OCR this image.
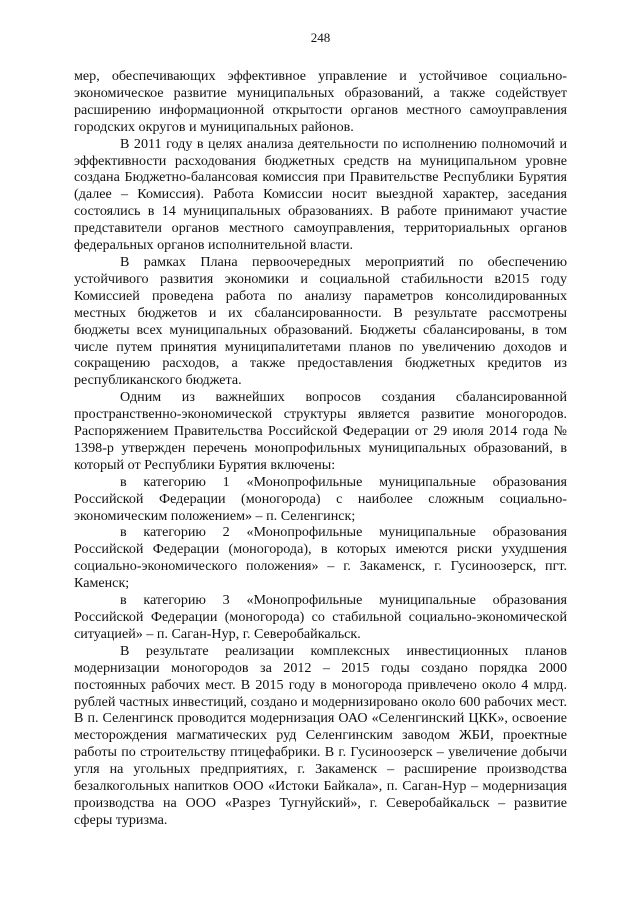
248

мер, обеспечивающих эффективное управление и устойчивое социально-экономическое развитие муниципальных образований, а также содействует расширению информационной открытости органов местного самоуправления городских округов и муниципальных районов.

В 2011 году в целях анализа деятельности по исполнению полномочий и эффективности расходования бюджетных средств на муниципальном уровне создана Бюджетно-балансовая комиссия при Правительстве Республики Бурятия (далее – Комиссия). Работа Комиссии носит выездной характер, заседания состоялись в 14 муниципальных образованиях. В работе принимают участие представители органов местного самоуправления, территориальных органов федеральных органов исполнительной власти.

В рамках Плана первоочередных мероприятий по обеспечению устойчивого развития экономики и социальной стабильности в2015 году Комиссией проведена работа по анализу параметров консолидированных местных бюджетов и их сбалансированности. В результате рассмотрены бюджеты всех муниципальных образований. Бюджеты сбалансированы, в том числе путем принятия муниципалитетами планов по увеличению доходов и сокращению расходов, а также предоставления бюджетных кредитов из республиканского бюджета.

Одним из важнейших вопросов создания сбалансированной пространственно-экономической структуры является развитие моногородов. Распоряжением Правительства Российской Федерации от 29 июля 2014 года № 1398-р утвержден перечень монопрофильных муниципальных образований, в который от Республики Бурятия включены:

в категорию 1 «Монопрофильные муниципальные образования Российской Федерации (моногорода) с наиболее сложным социально-экономическим положением» – п. Селенгинск;

в категорию 2 «Монопрофильные муниципальные образования Российской Федерации (моногорода), в которых имеются риски ухудшения социально-экономического положения» – г. Закаменск, г. Гусиноозерск, пгт. Каменск;

в категорию 3 «Монопрофильные муниципальные образования Российской Федерации (моногорода) со стабильной социально-экономической ситуацией» – п. Саган-Нур, г. Северобайкальск.

В результате реализации комплексных инвестиционных планов модернизации моногородов за 2012 – 2015 годы создано порядка 2000 постоянных рабочих мест. В 2015 году в моногорода привлечено около 4 млрд. рублей частных инвестиций, создано и модернизировано около 600 рабочих мест. В п. Селенгинск проводится модернизация ОАО «Селенгинский ЦКК», освоение месторождения магматических руд Селенгинским заводом ЖБИ, проектные работы по строительству птицефабрики. В г. Гусиноозерск – увеличение добычи угля на угольных предприятиях, г. Закаменск – расширение производства безалкогольных напитков ООО «Истоки Байкала», п. Саган-Нур – модернизация производства на ООО «Разрез Тугнуйский», г. Северобайкальск – развитие сферы туризма.
